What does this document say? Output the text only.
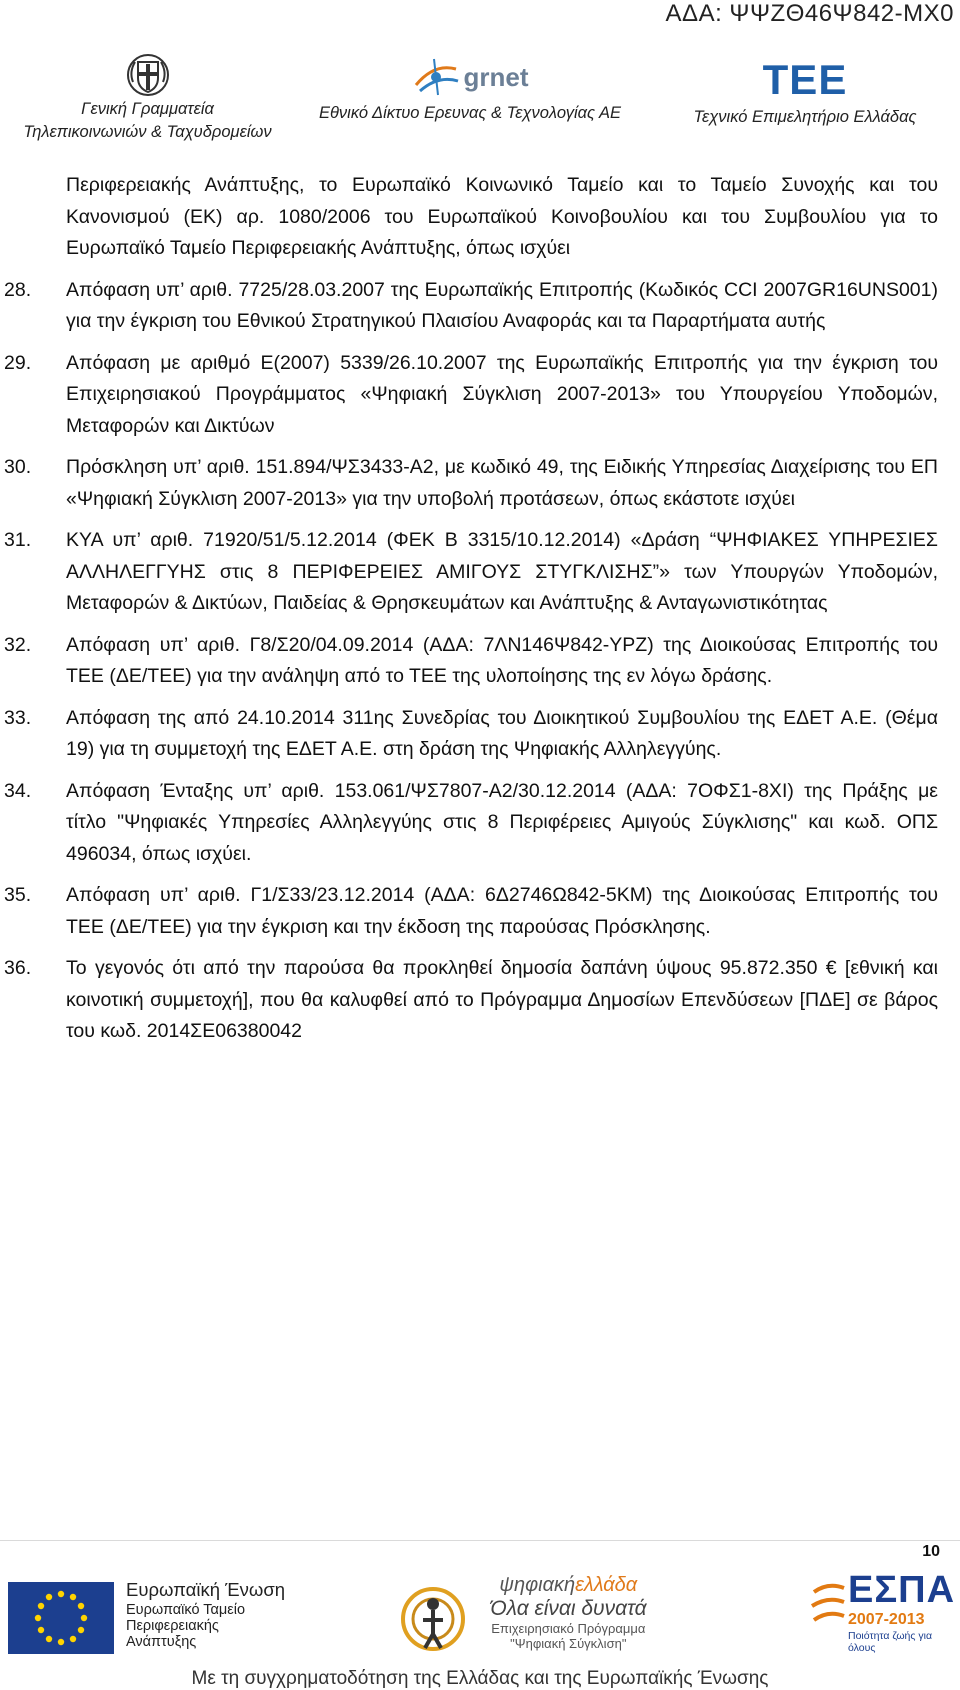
ΑΔΑ: ΨΨΖΘ46Ψ842-ΜΧ0
Γενική Γραμματεία
Τηλεπικοινωνιών & Ταχυδρομείων
grnet
Εθνικό Δίκτυο Ερευνας & Τεχνολογίας ΑΕ
TEE
Τεχνικό Επιμελητήριο Ελλάδας

Περιφερειακής Ανάπτυξης, το Ευρωπαϊκό Κοινωνικό Ταμείο και το Ταμείο Συνοχής και του Κανονισμού (ΕΚ) αρ. 1080/2006 του Ευρωπαϊκού Κοινοβουλίου και του Συμβουλίου για το Ευρωπαϊκό Ταμείο Περιφερειακής Ανάπτυξης, όπως ισχύει

28. Απόφαση υπ’ αριθ. 7725/28.03.2007 της Ευρωπαϊκής Επιτροπής (Κωδικός CCI 2007GR16UNS001) για την έγκριση του Εθνικού Στρατηγικού Πλαισίου Αναφοράς και τα Παραρτήματα αυτής
29. Απόφαση με αριθμό Ε(2007) 5339/26.10.2007 της Ευρωπαϊκής Επιτροπής για την έγκριση του Επιχειρησιακού Προγράμματος «Ψηφιακή Σύγκλιση 2007-2013» του Υπουργείου Υποδομών, Μεταφορών και Δικτύων
30. Πρόσκληση υπ’ αριθ. 151.894/ΨΣ3433-Α2, με κωδικό 49, της Ειδικής Υπηρεσίας Διαχείρισης του ΕΠ «Ψηφιακή Σύγκλιση 2007-2013» για την υποβολή προτάσεων, όπως εκάστοτε ισχύει
31. ΚΥΑ υπ’ αριθ. 71920/51/5.12.2014 (ΦΕΚ Β 3315/10.12.2014) «Δράση “ΨΗΦΙΑΚΕΣ ΥΠΗΡΕΣΙΕΣ ΑΛΛΗΛΕΓΓΥΗΣ στις 8 ΠΕΡΙΦΕΡΕΙΕΣ ΑΜΙΓΟΥΣ ΣΤΥΓΚΛΙΣΗΣ”» των Υπουργών Υποδομών, Μεταφορών & Δικτύων, Παιδείας & Θρησκευμάτων και Ανάπτυξης & Ανταγωνιστικότητας
32. Απόφαση υπ’ αριθ. Γ8/Σ20/04.09.2014 (ΑΔΑ: 7ΛΝ146Ψ842-ΥΡΖ) της Διοικούσας Επιτροπής του ΤΕΕ (ΔΕ/ΤΕΕ) για την ανάληψη από το ΤΕΕ της υλοποίησης της εν λόγω δράσης.
33. Απόφαση της από 24.10.2014 311ης Συνεδρίας του Διοικητικού Συμβουλίου της ΕΔΕΤ Α.Ε. (Θέμα 19) για τη συμμετοχή της ΕΔΕΤ Α.Ε. στη δράση της Ψηφιακής Αλληλεγγύης.
34. Απόφαση Ένταξης υπ’ αριθ. 153.061/ΨΣ7807-Α2/30.12.2014 (ΑΔΑ: 7ΟΦΣ1-8ΧΙ) της Πράξης με τίτλο "Ψηφιακές Υπηρεσίες Αλληλεγγύης στις 8 Περιφέρειες Αμιγούς Σύγκλισης" και κωδ. ΟΠΣ 496034, όπως ισχύει.
35. Απόφαση υπ’ αριθ. Γ1/Σ33/23.12.2014 (ΑΔΑ: 6Δ2746Ω842-5ΚΜ) της Διοικούσας Επιτροπής του ΤΕΕ (ΔΕ/ΤΕΕ) για την έγκριση και την έκδοση της παρούσας Πρόσκλησης.
36. Το γεγονός ότι από την παρούσα θα προκληθεί δημοσία δαπάνη ύψους 95.872.350 € [εθνική και κοινοτική συμμετοχή], που θα καλυφθεί από το Πρόγραμμα Δημοσίων Επενδύσεων [ΠΔΕ] σε βάρος του κωδ. 2014ΣΕ06380042
10
Ευρωπαϊκή Ένωση
Ευρωπαϊκό Ταμείο
Περιφερειακής
Ανάπτυξης
ψηφιακήελλάδα
Όλα είναι δυνατά
Επιχειρησιακό Πρόγραμμα
"Ψηφιακή Σύγκλιση"
ΕΣΠΑ
2007-2013
Ποιότητα ζωής για όλους
Με τη συγχρηματοδότηση της Ελλάδας και της Ευρωπαϊκής Ένωσης
